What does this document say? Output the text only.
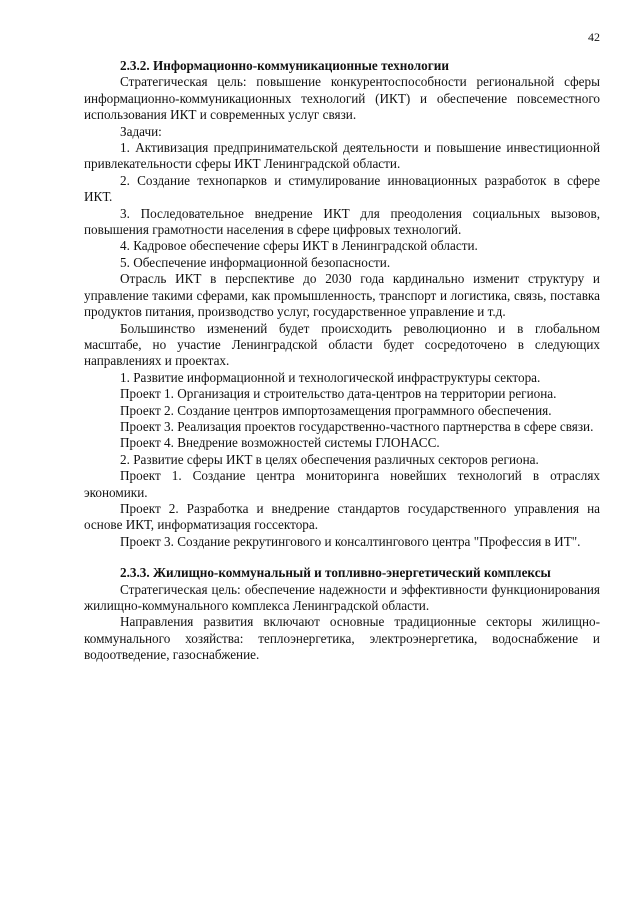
42

2.3.2. Информационно-коммуникационные технологии

Стратегическая цель: повышение конкурентоспособности региональной сферы информационно-коммуникационных технологий (ИКТ) и обеспечение повсеместного использования ИКТ и современных услуг связи.

Задачи:

1. Активизация предпринимательской деятельности и повышение инвестиционной привлекательности сферы ИКТ Ленинградской области.

2. Создание технопарков и стимулирование инновационных разработок в сфере ИКТ.

3. Последовательное внедрение ИКТ для преодоления социальных вызовов, повышения грамотности населения в сфере цифровых технологий.

4. Кадровое обеспечение сферы ИКТ в Ленинградской области.

5. Обеспечение информационной безопасности.

Отрасль ИКТ в перспективе до 2030 года кардинально изменит структуру и управление такими сферами, как промышленность, транспорт и логистика, связь, поставка продуктов питания, производство услуг, государственное управление и т.д.

Большинство изменений будет происходить революционно и в глобальном масштабе, но участие Ленинградской области будет сосредоточено в следующих направлениях и проектах.

1. Развитие информационной и технологической инфраструктуры сектора.

Проект 1. Организация и строительство дата-центров на территории региона.

Проект 2. Создание центров импортозамещения программного обеспечения.

Проект 3. Реализация проектов государственно-частного партнерства в сфере связи.

Проект 4. Внедрение возможностей системы ГЛОНАСС.

2. Развитие сферы ИКТ в целях обеспечения различных секторов региона.

Проект 1. Создание центра мониторинга новейших технологий в отраслях экономики.

Проект 2. Разработка и внедрение стандартов государственного управления на основе ИКТ, информатизация госсектора.

Проект 3. Создание рекрутингового и консалтингового центра "Профессия в ИТ".

2.3.3. Жилищно-коммунальный и топливно-энергетический комплексы

Стратегическая цель: обеспечение надежности и эффективности функционирования жилищно-коммунального комплекса Ленинградской области.

Направления развития включают основные традиционные секторы жилищно-коммунального хозяйства: теплоэнергетика, электроэнергетика, водоснабжение и водоотведение, газоснабжение.
